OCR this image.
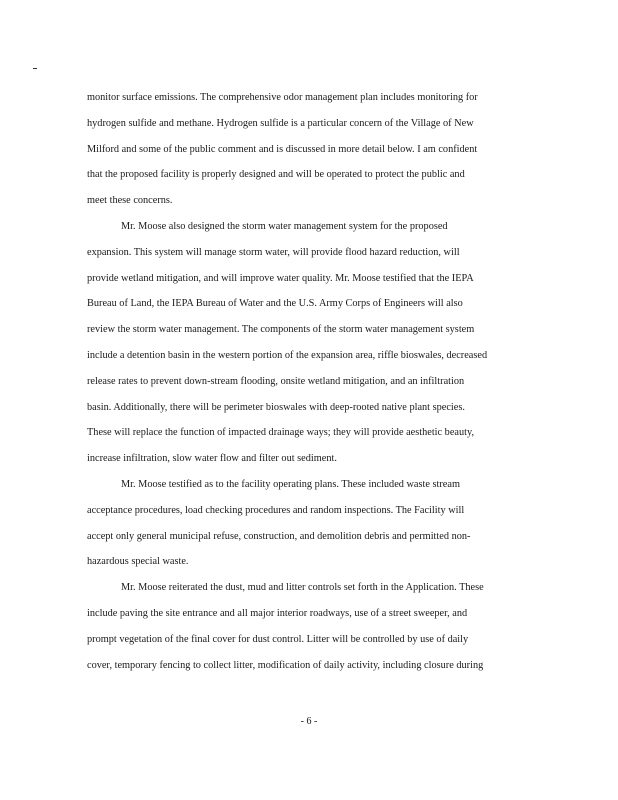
monitor surface emissions. The comprehensive odor management plan includes monitoring for
hydrogen sulfide and methane. Hydrogen sulfide is a particular concern of the Village of New
Milford and some of the public comment and is discussed in more detail below. I am confident
that the proposed facility is properly designed and will be operated to protect the public and
meet these concerns.
Mr. Moose also designed the storm water management system for the proposed
expansion. This system will manage storm water, will provide flood hazard reduction, will
provide wetland mitigation, and will improve water quality. Mr. Moose testified that the IEPA
Bureau of Land, the IEPA Bureau of Water and the U.S. Army Corps of Engineers will also
review the storm water management. The components of the storm water management system
include a detention basin in the western portion of the expansion area, riffle bioswales, decreased
release rates to prevent down-stream flooding, onsite wetland mitigation, and an infiltration
basin. Additionally, there will be perimeter bioswales with deep-rooted native plant species.
These will replace the function of impacted drainage ways; they will provide aesthetic beauty,
increase infiltration, slow water flow and filter out sediment.
Mr. Moose testified as to the facility operating plans. These included waste stream
acceptance procedures, load checking procedures and random inspections. The Facility will
accept only general municipal refuse, construction, and demolition debris and permitted non-
hazardous special waste.
Mr. Moose reiterated the dust, mud and litter controls set forth in the Application. These
include paving the site entrance and all major interior roadways, use of a street sweeper, and
prompt vegetation of the final cover for dust control. Litter will be controlled by use of daily
cover, temporary fencing to collect litter, modification of daily activity, including closure during
- 6 -
